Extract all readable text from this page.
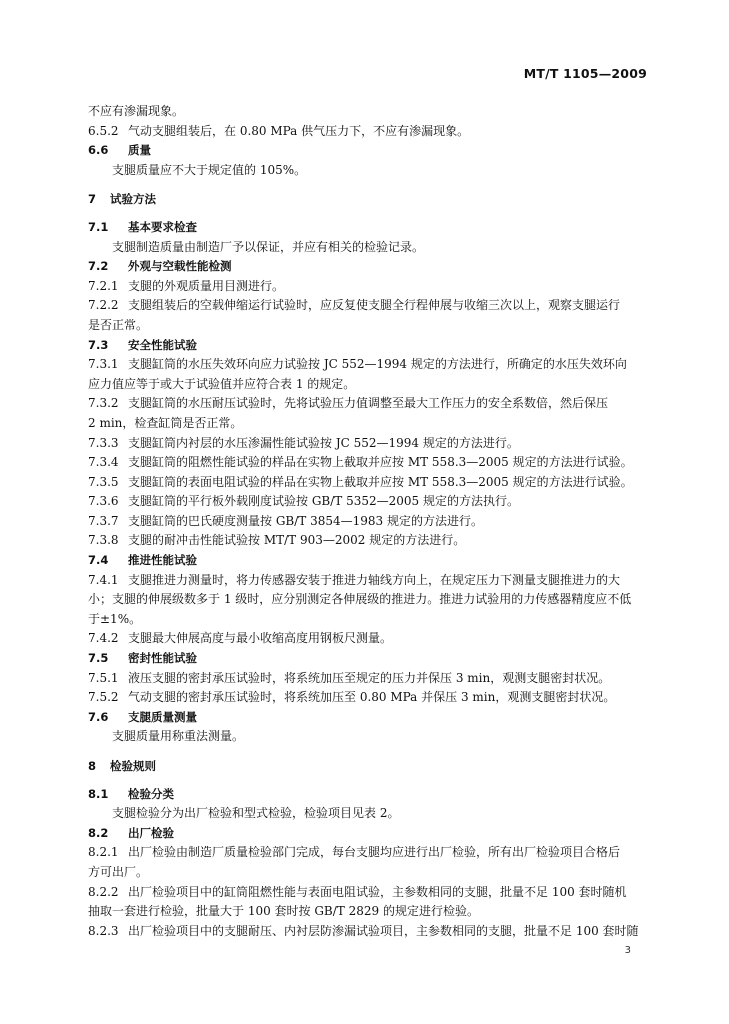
MT/T 1105—2009
不应有渗漏现象。
6.5.2 气动支腿组装后，在 0.80 MPa 供气压力下，不应有渗漏现象。
6.6 质量
支腿质量应不大于规定值的 105%。
7 试验方法
7.1 基本要求检查
支腿制造质量由制造厂予以保证，并应有相关的检验记录。
7.2 外观与空载性能检测
7.2.1 支腿的外观质量用目测进行。
7.2.2 支腿组装后的空载伸缩运行试验时，应反复使支腿全行程伸展与收缩三次以上，观察支腿运行
是否正常。
7.3 安全性能试验
7.3.1 支腿缸筒的水压失效环向应力试验按 JC 552—1994 规定的方法进行，所确定的水压失效环向
应力值应等于或大于试验值并应符合表 1 的规定。
7.3.2 支腿缸筒的水压耐压试验时，先将试验压力值调整至最大工作压力的安全系数倍，然后保压
2 min，检查缸筒是否正常。
7.3.3 支腿缸筒内衬层的水压渗漏性能试验按 JC 552—1994 规定的方法进行。
7.3.4 支腿缸筒的阻燃性能试验的样品在实物上截取并应按 MT 558.3—2005 规定的方法进行试验。
7.3.5 支腿缸筒的表面电阻试验的样品在实物上截取并应按 MT 558.3—2005 规定的方法进行试验。
7.3.6 支腿缸筒的平行板外载刚度试验按 GB/T 5352—2005 规定的方法执行。
7.3.7 支腿缸筒的巴氏硬度测量按 GB/T 3854—1983 规定的方法进行。
7.3.8 支腿的耐冲击性能试验按 MT/T 903—2002 规定的方法进行。
7.4 推进性能试验
7.4.1 支腿推进力测量时，将力传感器安装于推进力轴线方向上，在规定压力下测量支腿推进力的大
小；支腿的伸展级数多于 1 级时，应分别测定各伸展级的推进力。推进力试验用的力传感器精度应不低
于±1%。
7.4.2 支腿最大伸展高度与最小收缩高度用钢板尺测量。
7.5 密封性能试验
7.5.1 液压支腿的密封承压试验时，将系统加压至规定的压力并保压 3 min，观测支腿密封状况。
7.5.2 气动支腿的密封承压试验时，将系统加压至 0.80 MPa 并保压 3 min，观测支腿密封状况。
7.6 支腿质量测量
支腿质量用称重法测量。
8 检验规则
8.1 检验分类
支腿检验分为出厂检验和型式检验，检验项目见表 2。
8.2 出厂检验
8.2.1 出厂检验由制造厂质量检验部门完成，每台支腿均应进行出厂检验，所有出厂检验项目合格后
方可出厂。
8.2.2 出厂检验项目中的缸筒阻燃性能与表面电阻试验，主参数相同的支腿，批量不足 100 套时随机
抽取一套进行检验，批量大于 100 套时按 GB/T 2829 的规定进行检验。
8.2.3 出厂检验项目中的支腿耐压、内衬层防渗漏试验项目，主参数相同的支腿，批量不足 100 套时随
3
